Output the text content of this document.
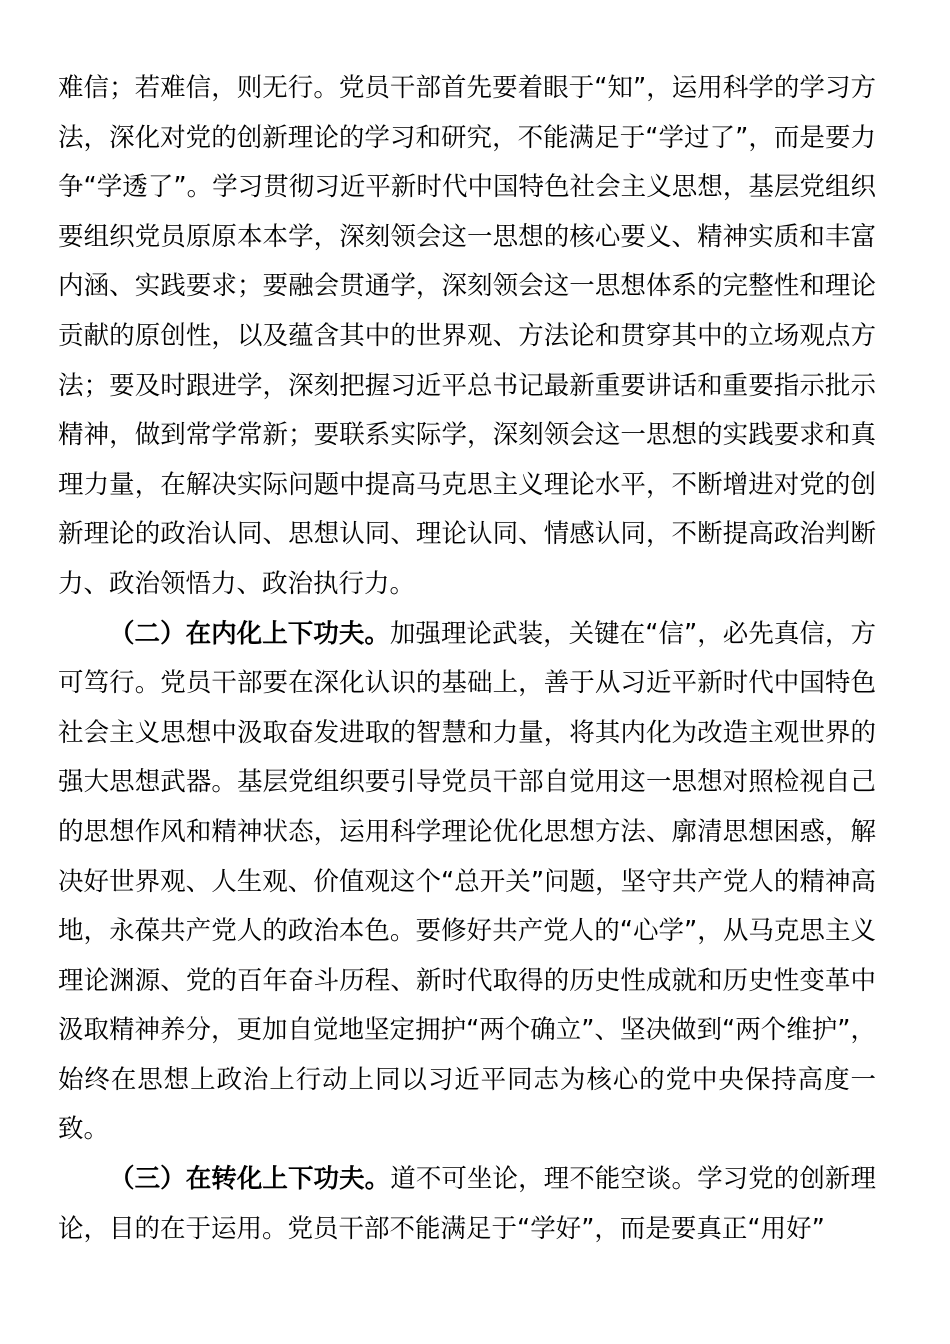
难信；若难信，则无行。党员干部首先要着眼于“知”，运用科学的学习方法，深化对党的创新理论的学习和研究，不能满足于“学过了”，而是要力争“学透了”。学习贯彻习近平新时代中国特色社会主义思想，基层党组织要组织党员原原本本学，深刻领会这一思想的核心要义、精神实质和丰富内涵、实践要求；要融会贯通学，深刻领会这一思想体系的完整性和理论贡献的原创性，以及蕴含其中的世界观、方法论和贯穿其中的立场观点方法；要及时跟进学，深刻把握习近平总书记最新重要讲话和重要指示批示精神，做到常学常新；要联系实际学，深刻领会这一思想的实践要求和真理力量，在解决实际问题中提高马克思主义理论水平，不断增进对党的创新理论的政治认同、思想认同、理论认同、情感认同，不断提高政治判断力、政治领悟力、政治执行力。

（二）在内化上下功夫。加强理论武装，关键在“信”，必先真信，方可笃行。党员干部要在深化认识的基础上，善于从习近平新时代中国特色社会主义思想中汲取奋发进取的智慧和力量，将其内化为改造主观世界的强大思想武器。基层党组织要引导党员干部自觉用这一思想对照检视自己的思想作风和精神状态，运用科学理论优化思想方法、廓清思想困惑，解决好世界观、人生观、价值观这个“总开关”问题，坚守共产党人的精神高地，永葆共产党人的政治本色。要修好共产党人的“心学”，从马克思主义理论渊源、党的百年奋斗历程、新时代取得的历史性成就和历史性变革中汲取精神养分，更加自觉地坚定拥护“两个确立”、坚决做到“两个维护”，始终在思想上政治上行动上同以习近平同志为核心的党中央保持高度一致。

（三）在转化上下功夫。道不可坐论，理不能空谈。学习党的创新理论，目的在于运用。党员干部不能满足于“学好”，而是要真正“用好”
